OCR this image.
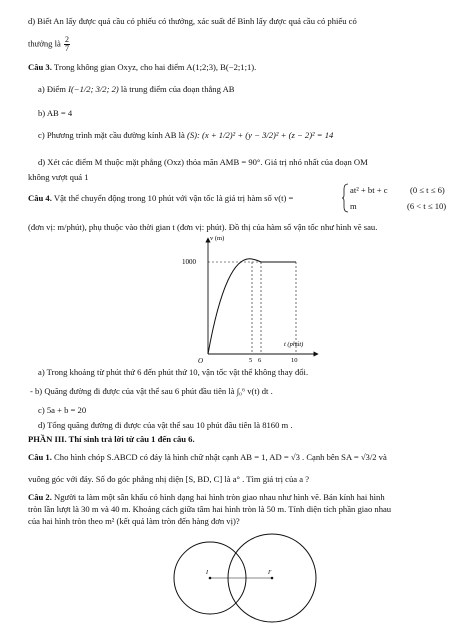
d) Biết An lấy được quả cầu có phiếu có thưởng, xác suất để Bình lấy được quả cầu có phiếu có
thưởng là $\frac{2}{7}$
Câu 3. Trong không gian Oxyz, cho hai điểm A(1;2;3), B(−2;1;1).
a) Điểm I(−1/2; 3/2; 2) là trung điểm của đoạn thẳng AB
b) AB = 4
c) Phương trình mặt cầu đường kính AB là (S): (x + 1/2)² + (y − 3/2)² + (z − 2)² = 14
d) Xét các điểm M thuộc mặt phẳng (Oxz) thỏa mãn AMB = 90°. Giá trị nhỏ nhất của đoạn OM
không vượt quá 1
Câu 4. Vật thể chuyển động trong 10 phút với vận tốc là giá trị hàm số v(t) =
at² + bt + c	(0 ≤ t ≤ 6)
m	(6 < t ≤ 10)
(đơn vị: m/phút), phụ thuộc vào thời gian t (đơn vị: phút). Đồ thị của hàm số vận tốc như hình vẽ sau.
v (m)
1000
O	5 6	10
t (phút)
a) Trong khoảng từ phút thứ 6 đến phút thứ 10, vận tốc vật thể không thay đổi.
- b) Quãng đường đi được của vật thể sau 6 phút đầu tiên là ∫₀⁶ v(t) dt .
c) 5a + b = 20
d) Tổng quãng đường đi được của vật thể sau 10 phút đầu tiên là 8160 m .
PHẦN III. Thí sinh trả lời từ câu 1 đến câu 6.
Câu 1. Cho hình chóp S.ABCD có đáy là hình chữ nhật cạnh AB = 1, AD = √3 . Cạnh bên SA = √3/2 và
vuông góc với đáy. Số đo góc phẳng nhị diện [S, BD, C] là a° . Tìm giá trị của a ?
Câu 2. Người ta làm một sân khấu có hình dạng hai hình tròn giao nhau như hình vẽ. Bán kính hai hình
tròn lần lượt là 30 m và 40 m. Khoảng cách giữa tâm hai hình tròn là 50 m. Tính diện tích phần giao nhau
của hai hình tròn theo m² (kết quả làm tròn đến hàng đơn vị)?
I	I'
